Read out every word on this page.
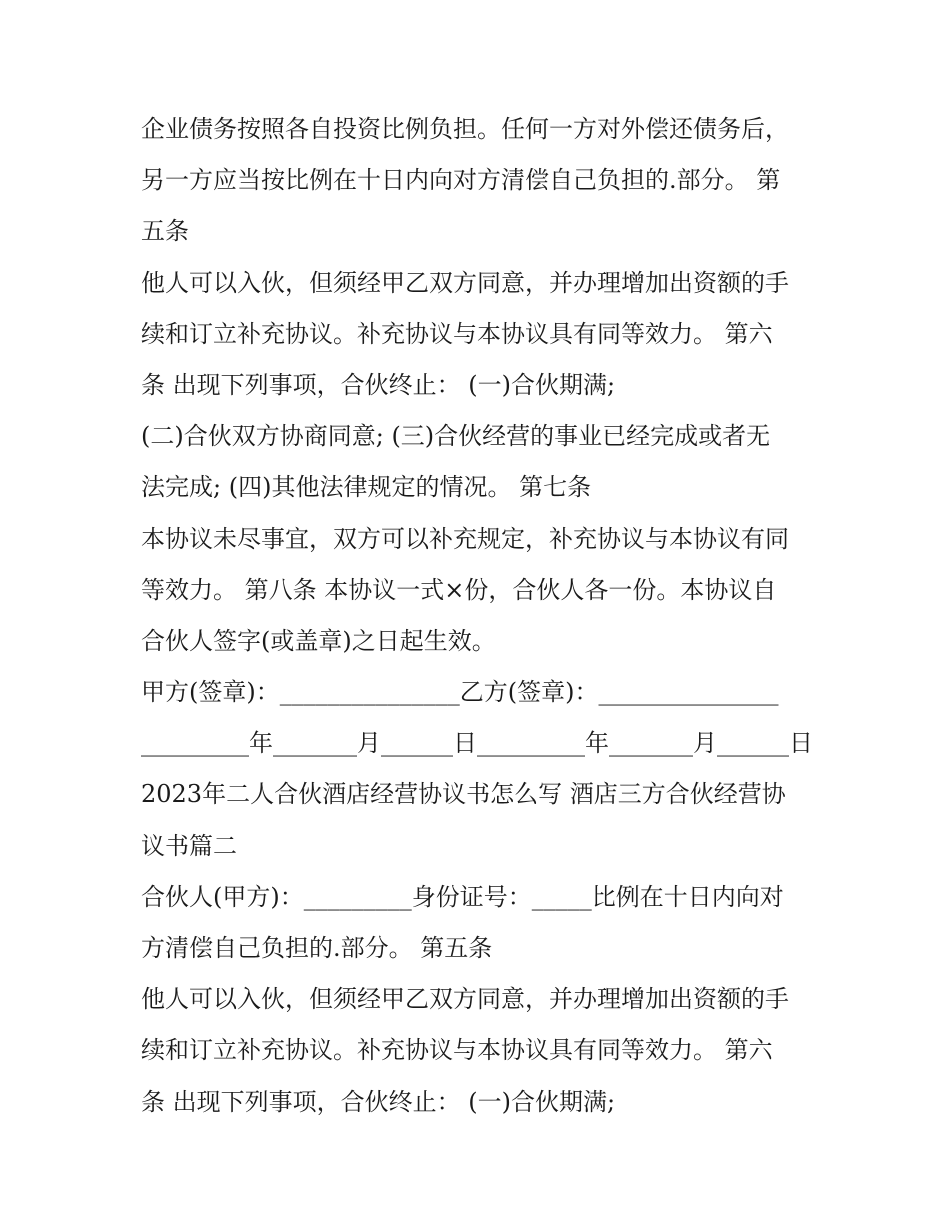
企业债务按照各自投资比例负担。任何一方对外偿还债务后，
另一方应当按比例在十日内向对方清偿自己负担的.部分。 第
五条
他人可以入伙，但须经甲乙双方同意，并办理增加出资额的手
续和订立补充协议。补充协议与本协议具有同等效力。 第六
条 出现下列事项，合伙终止： (一)合伙期满;
(二)合伙双方协商同意; (三)合伙经营的事业已经完成或者无
法完成; (四)其他法律规定的情况。 第七条
本协议未尽事宜，双方可以补充规定，补充协议与本协议有同
等效力。 第八条 本协议一式×份，合伙人各一份。本协议自
合伙人签字(或盖章)之日起生效。
甲方(签章)：_______________乙方(签章)：_______________
_________年_______月______日_________年_______月______日
2023年二人合伙酒店经营协议书怎么写 酒店三方合伙经营协
议书篇二
合伙人(甲方)：_________身份证号：_____比例在十日内向对
方清偿自己负担的.部分。 第五条
他人可以入伙，但须经甲乙双方同意，并办理增加出资额的手
续和订立补充协议。补充协议与本协议具有同等效力。 第六
条 出现下列事项，合伙终止： (一)合伙期满;
